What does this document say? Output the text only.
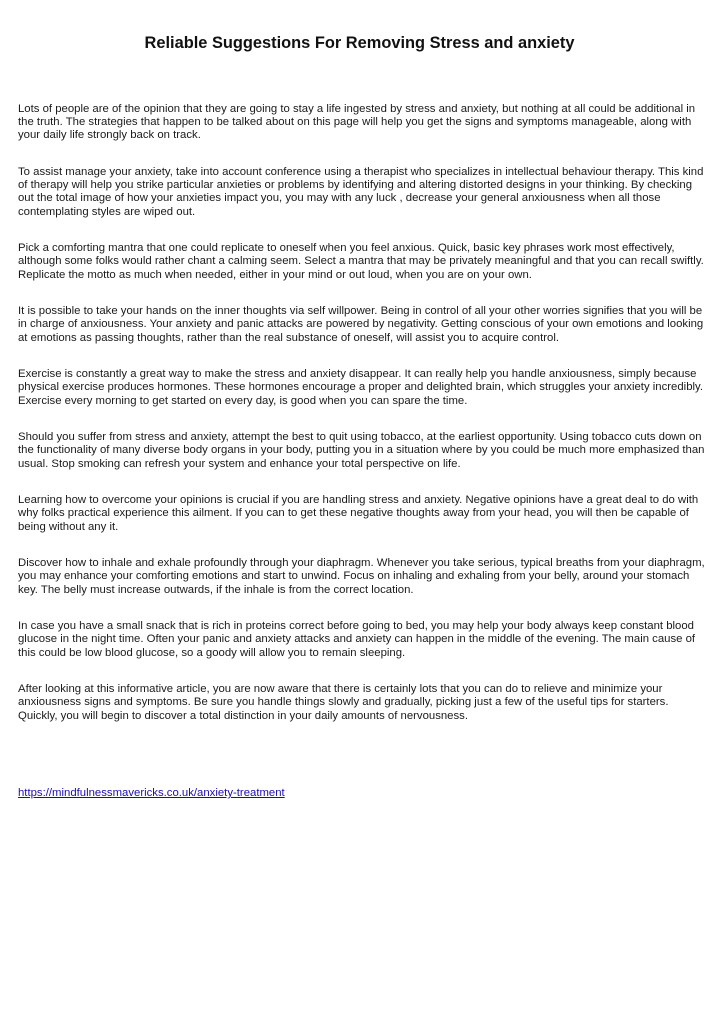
Reliable Suggestions For Removing Stress and anxiety

Lots of people are of the opinion that they are going to stay a life ingested by stress and anxiety, but nothing at all could be additional in the truth. The strategies that happen to be talked about on this page will help you get the signs and symptoms manageable, along with your daily life strongly back on track.

To assist manage your anxiety, take into account conference using a therapist who specializes in intellectual behaviour therapy. This kind of therapy will help you strike particular anxieties or problems by identifying and altering distorted designs in your thinking. By checking out the total image of how your anxieties impact you, you may with any luck , decrease your general anxiousness when all those contemplating styles are wiped out.

Pick a comforting mantra that one could replicate to oneself when you feel anxious. Quick, basic key phrases work most effectively, although some folks would rather chant a calming seem. Select a mantra that may be privately meaningful and that you can recall swiftly. Replicate the motto as much when needed, either in your mind or out loud, when you are on your own.

It is possible to take your hands on the inner thoughts via self willpower. Being in control of all your other worries signifies that you will be in charge of anxiousness. Your anxiety and panic attacks are powered by negativity. Getting conscious of your own emotions and looking at emotions as passing thoughts, rather than the real substance of oneself, will assist you to acquire control.

Exercise is constantly a great way to make the stress and anxiety disappear. It can really help you handle anxiousness, simply because physical exercise produces hormones. These hormones encourage a proper and delighted brain, which struggles your anxiety incredibly. Exercise every morning to get started on every day, is good when you can spare the time.

Should you suffer from stress and anxiety, attempt the best to quit using tobacco, at the earliest opportunity. Using tobacco cuts down on the functionality of many diverse body organs in your body, putting you in a situation where by you could be much more emphasized than usual. Stop smoking can refresh your system and enhance your total perspective on life.

Learning how to overcome your opinions is crucial if you are handling stress and anxiety. Negative opinions have a great deal to do with why folks practical experience this ailment. If you can to get these negative thoughts away from your head, you will then be capable of being without any it.

Discover how to inhale and exhale profoundly through your diaphragm. Whenever you take serious, typical breaths from your diaphragm, you may enhance your comforting emotions and start to unwind. Focus on inhaling and exhaling from your belly, around your stomach key. The belly must increase outwards, if the inhale is from the correct location.

In case you have a small snack that is rich in proteins correct before going to bed, you may help your body always keep constant blood glucose in the night time. Often your panic and anxiety attacks and anxiety can happen in the middle of the evening. The main cause of this could be low blood glucose, so a goody will allow you to remain sleeping.

After looking at this informative article, you are now aware that there is certainly lots that you can do to relieve and minimize your anxiousness signs and symptoms. Be sure you handle things slowly and gradually, picking just a few of the useful tips for starters. Quickly, you will begin to discover a total distinction in your daily amounts of nervousness.

https://mindfulnessmavericks.co.uk/anxiety-treatment
